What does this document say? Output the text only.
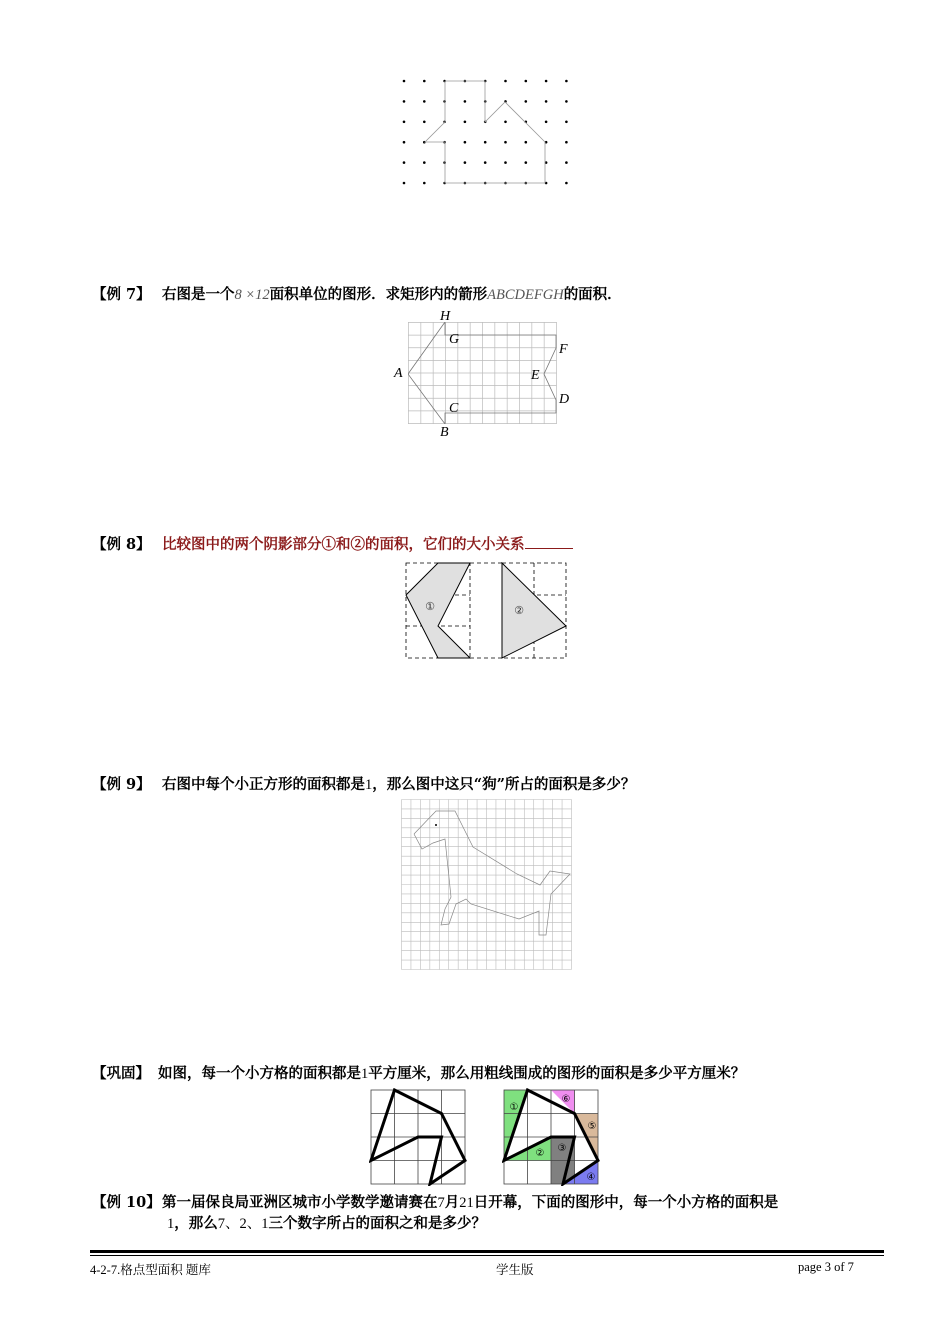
【例 7】 右图是一个8 ×12面积单位的图形．求矩形内的箭形ABCDEFGH的面积．
H
G
F
A	E
D
C
B
【例 8】 比较图中的两个阴影部分①和②的面积，它们的大小关系
①	②
【例 9】 右图中每个小正方形的面积都是1，那么图中这只“狗”所占的面积是多少？
【巩固】 如图，每一个小方格的面积都是1平方厘米，那么用粗线围成的图形的面积是多少平方厘米？
①
② ③
④
⑤
⑥
【例 10】第一届保良局亚洲区城市小学数学邀请赛在7月21日开幕，下面的图形中，每一个小方格的面积是
1，那么7、2、1三个数字所占的面积之和是多少？
4-2-7.格点型面积 题库	学生版	page 3 of 7
